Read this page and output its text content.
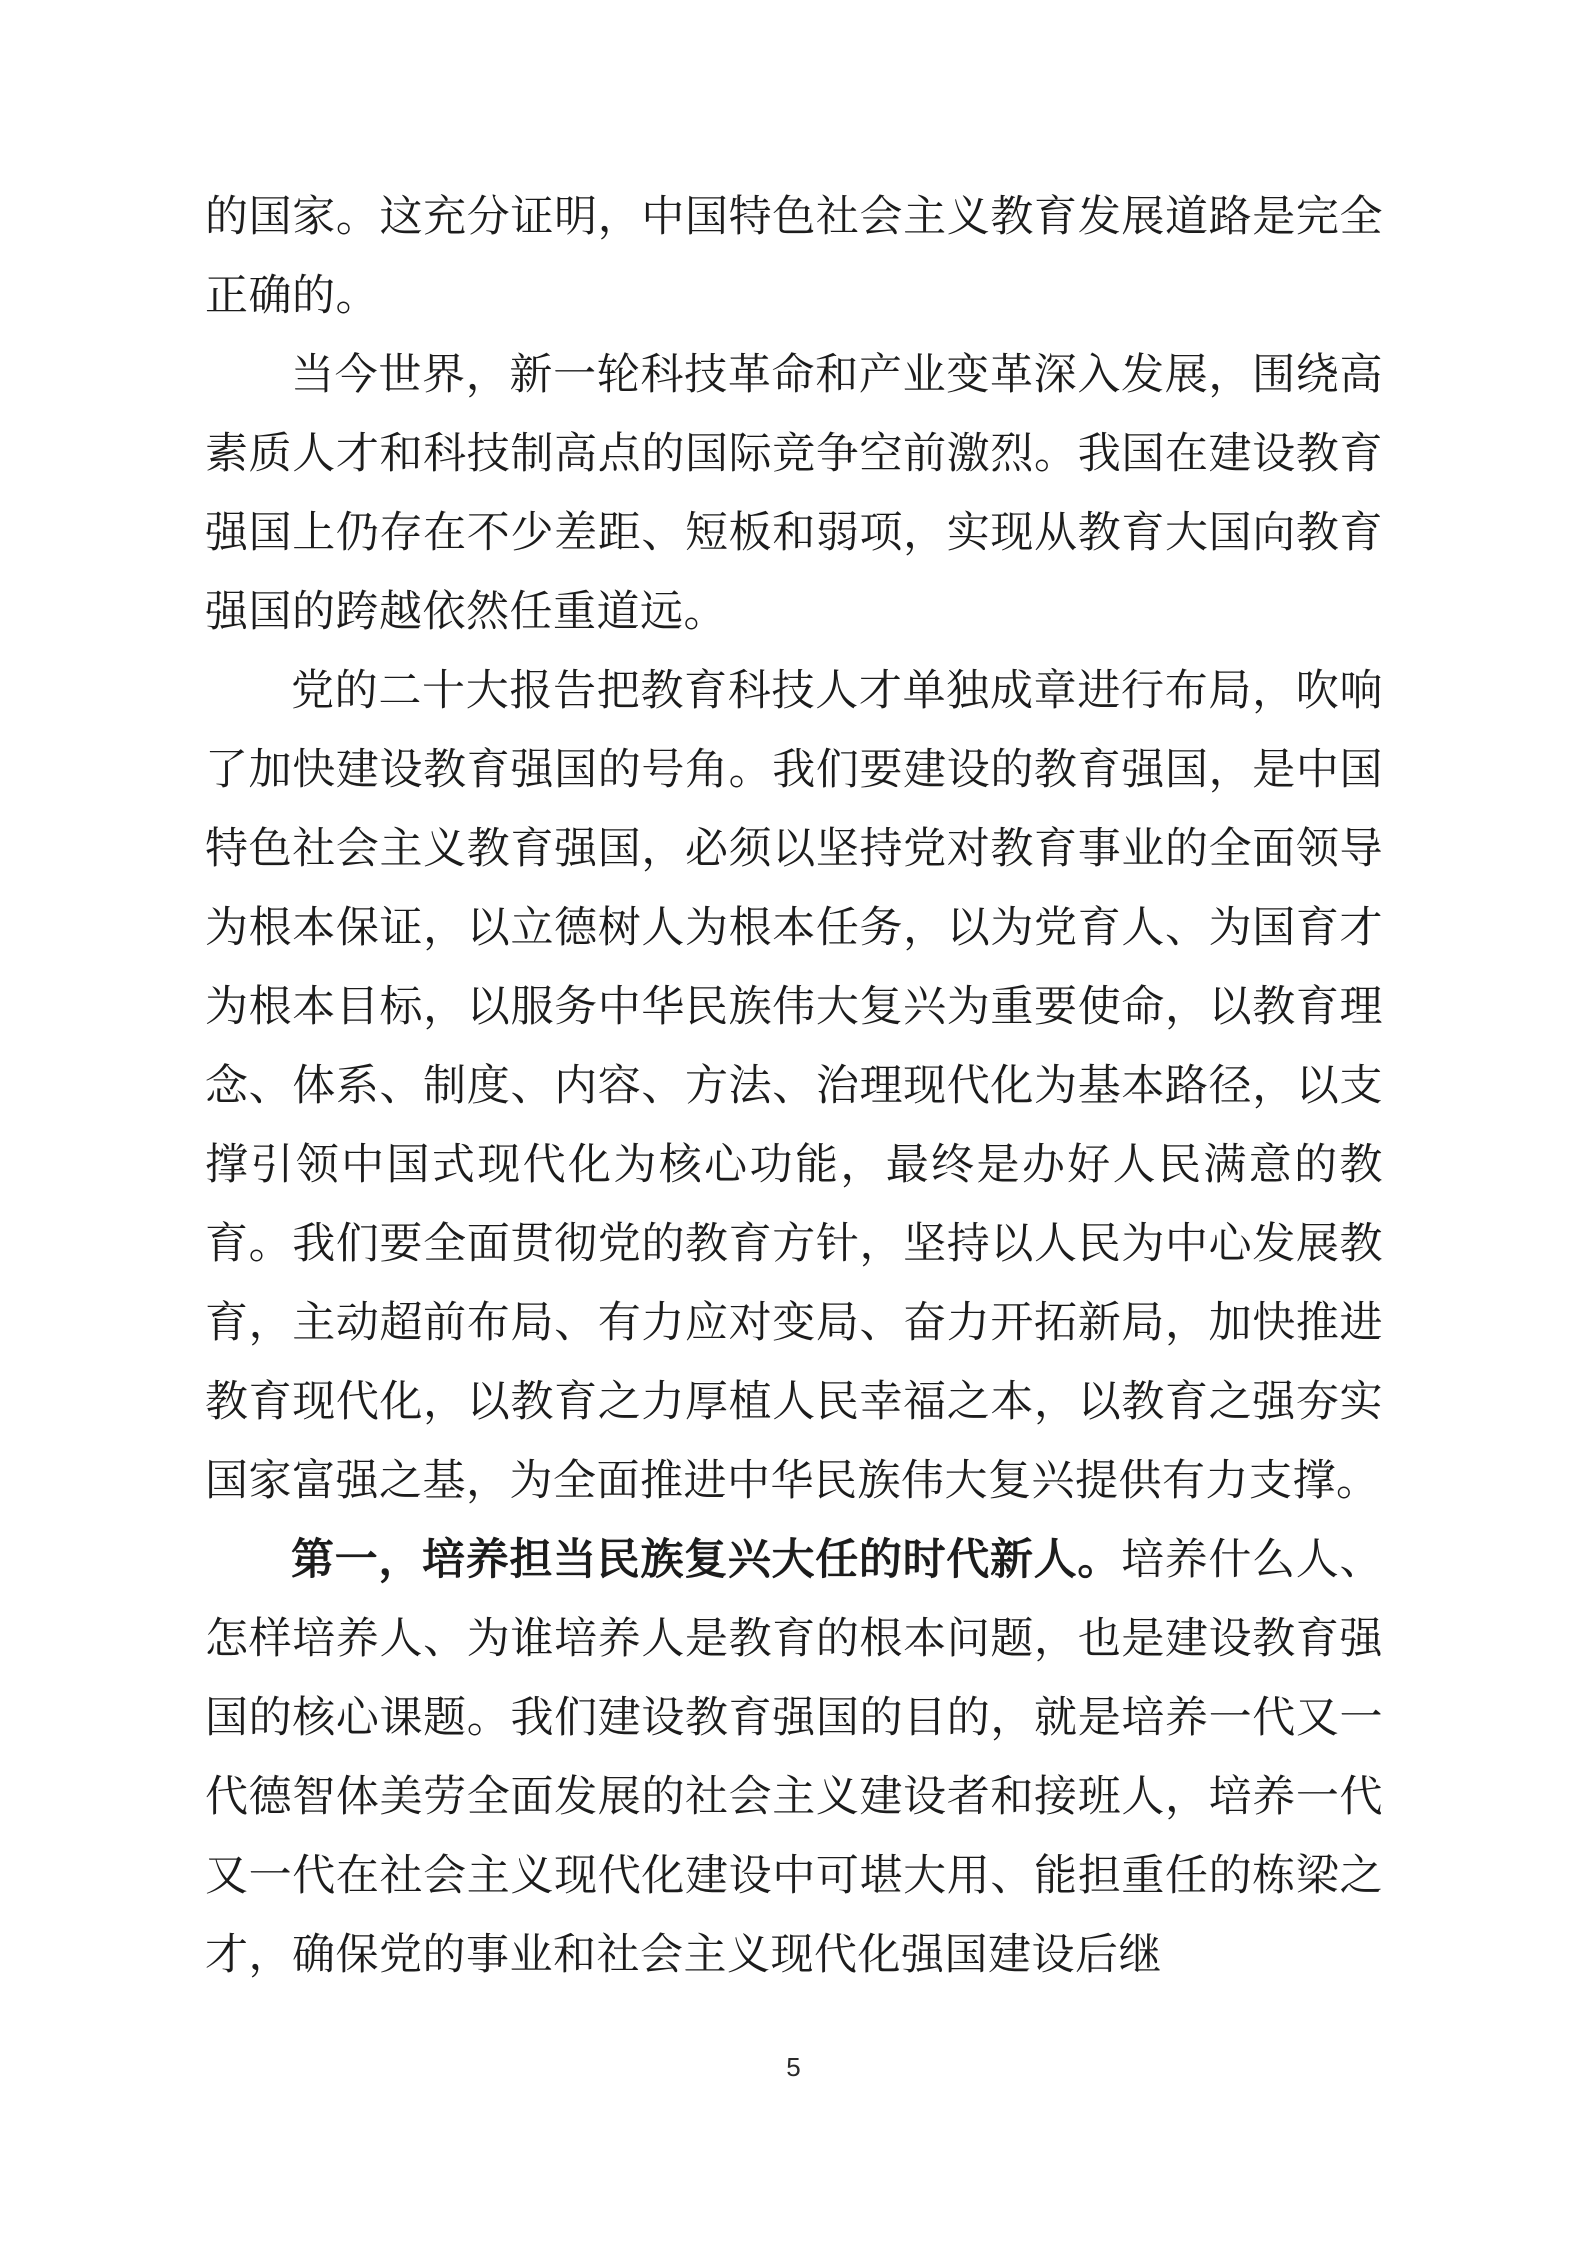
的国家。这充分证明，中国特色社会主义教育发展道路是完全正确的。

当今世界，新一轮科技革命和产业变革深入发展，围绕高素质人才和科技制高点的国际竞争空前激烈。我国在建设教育强国上仍存在不少差距、短板和弱项，实现从教育大国向教育强国的跨越依然任重道远。

党的二十大报告把教育科技人才单独成章进行布局，吹响了加快建设教育强国的号角。我们要建设的教育强国，是中国特色社会主义教育强国，必须以坚持党对教育事业的全面领导为根本保证，以立德树人为根本任务，以为党育人、为国育才为根本目标，以服务中华民族伟大复兴为重要使命，以教育理念、体系、制度、内容、方法、治理现代化为基本路径，以支撑引领中国式现代化为核心功能，最终是办好人民满意的教育。我们要全面贯彻党的教育方针，坚持以人民为中心发展教育，主动超前布局、有力应对变局、奋力开拓新局，加快推进教育现代化，以教育之力厚植人民幸福之本，以教育之强夯实国家富强之基，为全面推进中华民族伟大复兴提供有力支撑。

第一，培养担当民族复兴大任的时代新人。培养什么人、怎样培养人、为谁培养人是教育的根本问题，也是建设教育强国的核心课题。我们建设教育强国的目的，就是培养一代又一代德智体美劳全面发展的社会主义建设者和接班人，培养一代又一代在社会主义现代化建设中可堪大用、能担重任的栋梁之才，确保党的事业和社会主义现代化强国建设后继

5
